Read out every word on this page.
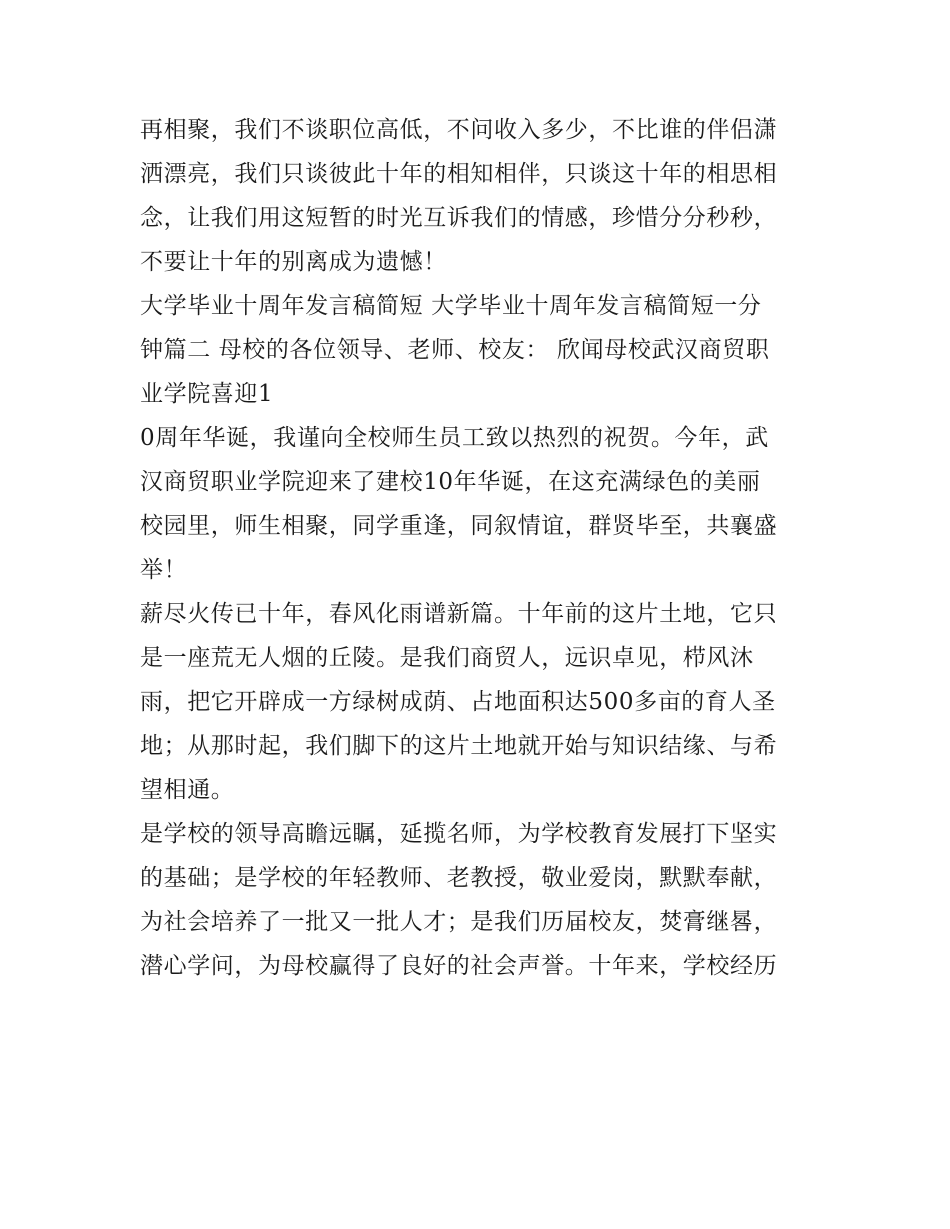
再相聚，我们不谈职位高低，不问收入多少，不比谁的伴侣潇
洒漂亮，我们只谈彼此十年的相知相伴，只谈这十年的相思相
念，让我们用这短暂的时光互诉我们的情感，珍惜分分秒秒，
不要让十年的别离成为遗憾！
大学毕业十周年发言稿简短 大学毕业十周年发言稿简短一分
钟篇二 母校的各位领导、老师、校友： 欣闻母校武汉商贸职
业学院喜迎1
0周年华诞，我谨向全校师生员工致以热烈的祝贺。今年，武
汉商贸职业学院迎来了建校10年华诞，在这充满绿色的美丽
校园里，师生相聚，同学重逢，同叙情谊，群贤毕至，共襄盛
举！
薪尽火传已十年，春风化雨谱新篇。十年前的这片土地，它只
是一座荒无人烟的丘陵。是我们商贸人，远识卓见，栉风沐
雨，把它开辟成一方绿树成荫、占地面积达500多亩的育人圣
地；从那时起，我们脚下的这片土地就开始与知识结缘、与希
望相通。
是学校的领导高瞻远瞩，延揽名师，为学校教育发展打下坚实
的基础；是学校的年轻教师、老教授，敬业爱岗，默默奉献，
为社会培养了一批又一批人才；是我们历届校友，焚膏继晷，
潜心学问，为母校赢得了良好的社会声誉。十年来，学校经历
